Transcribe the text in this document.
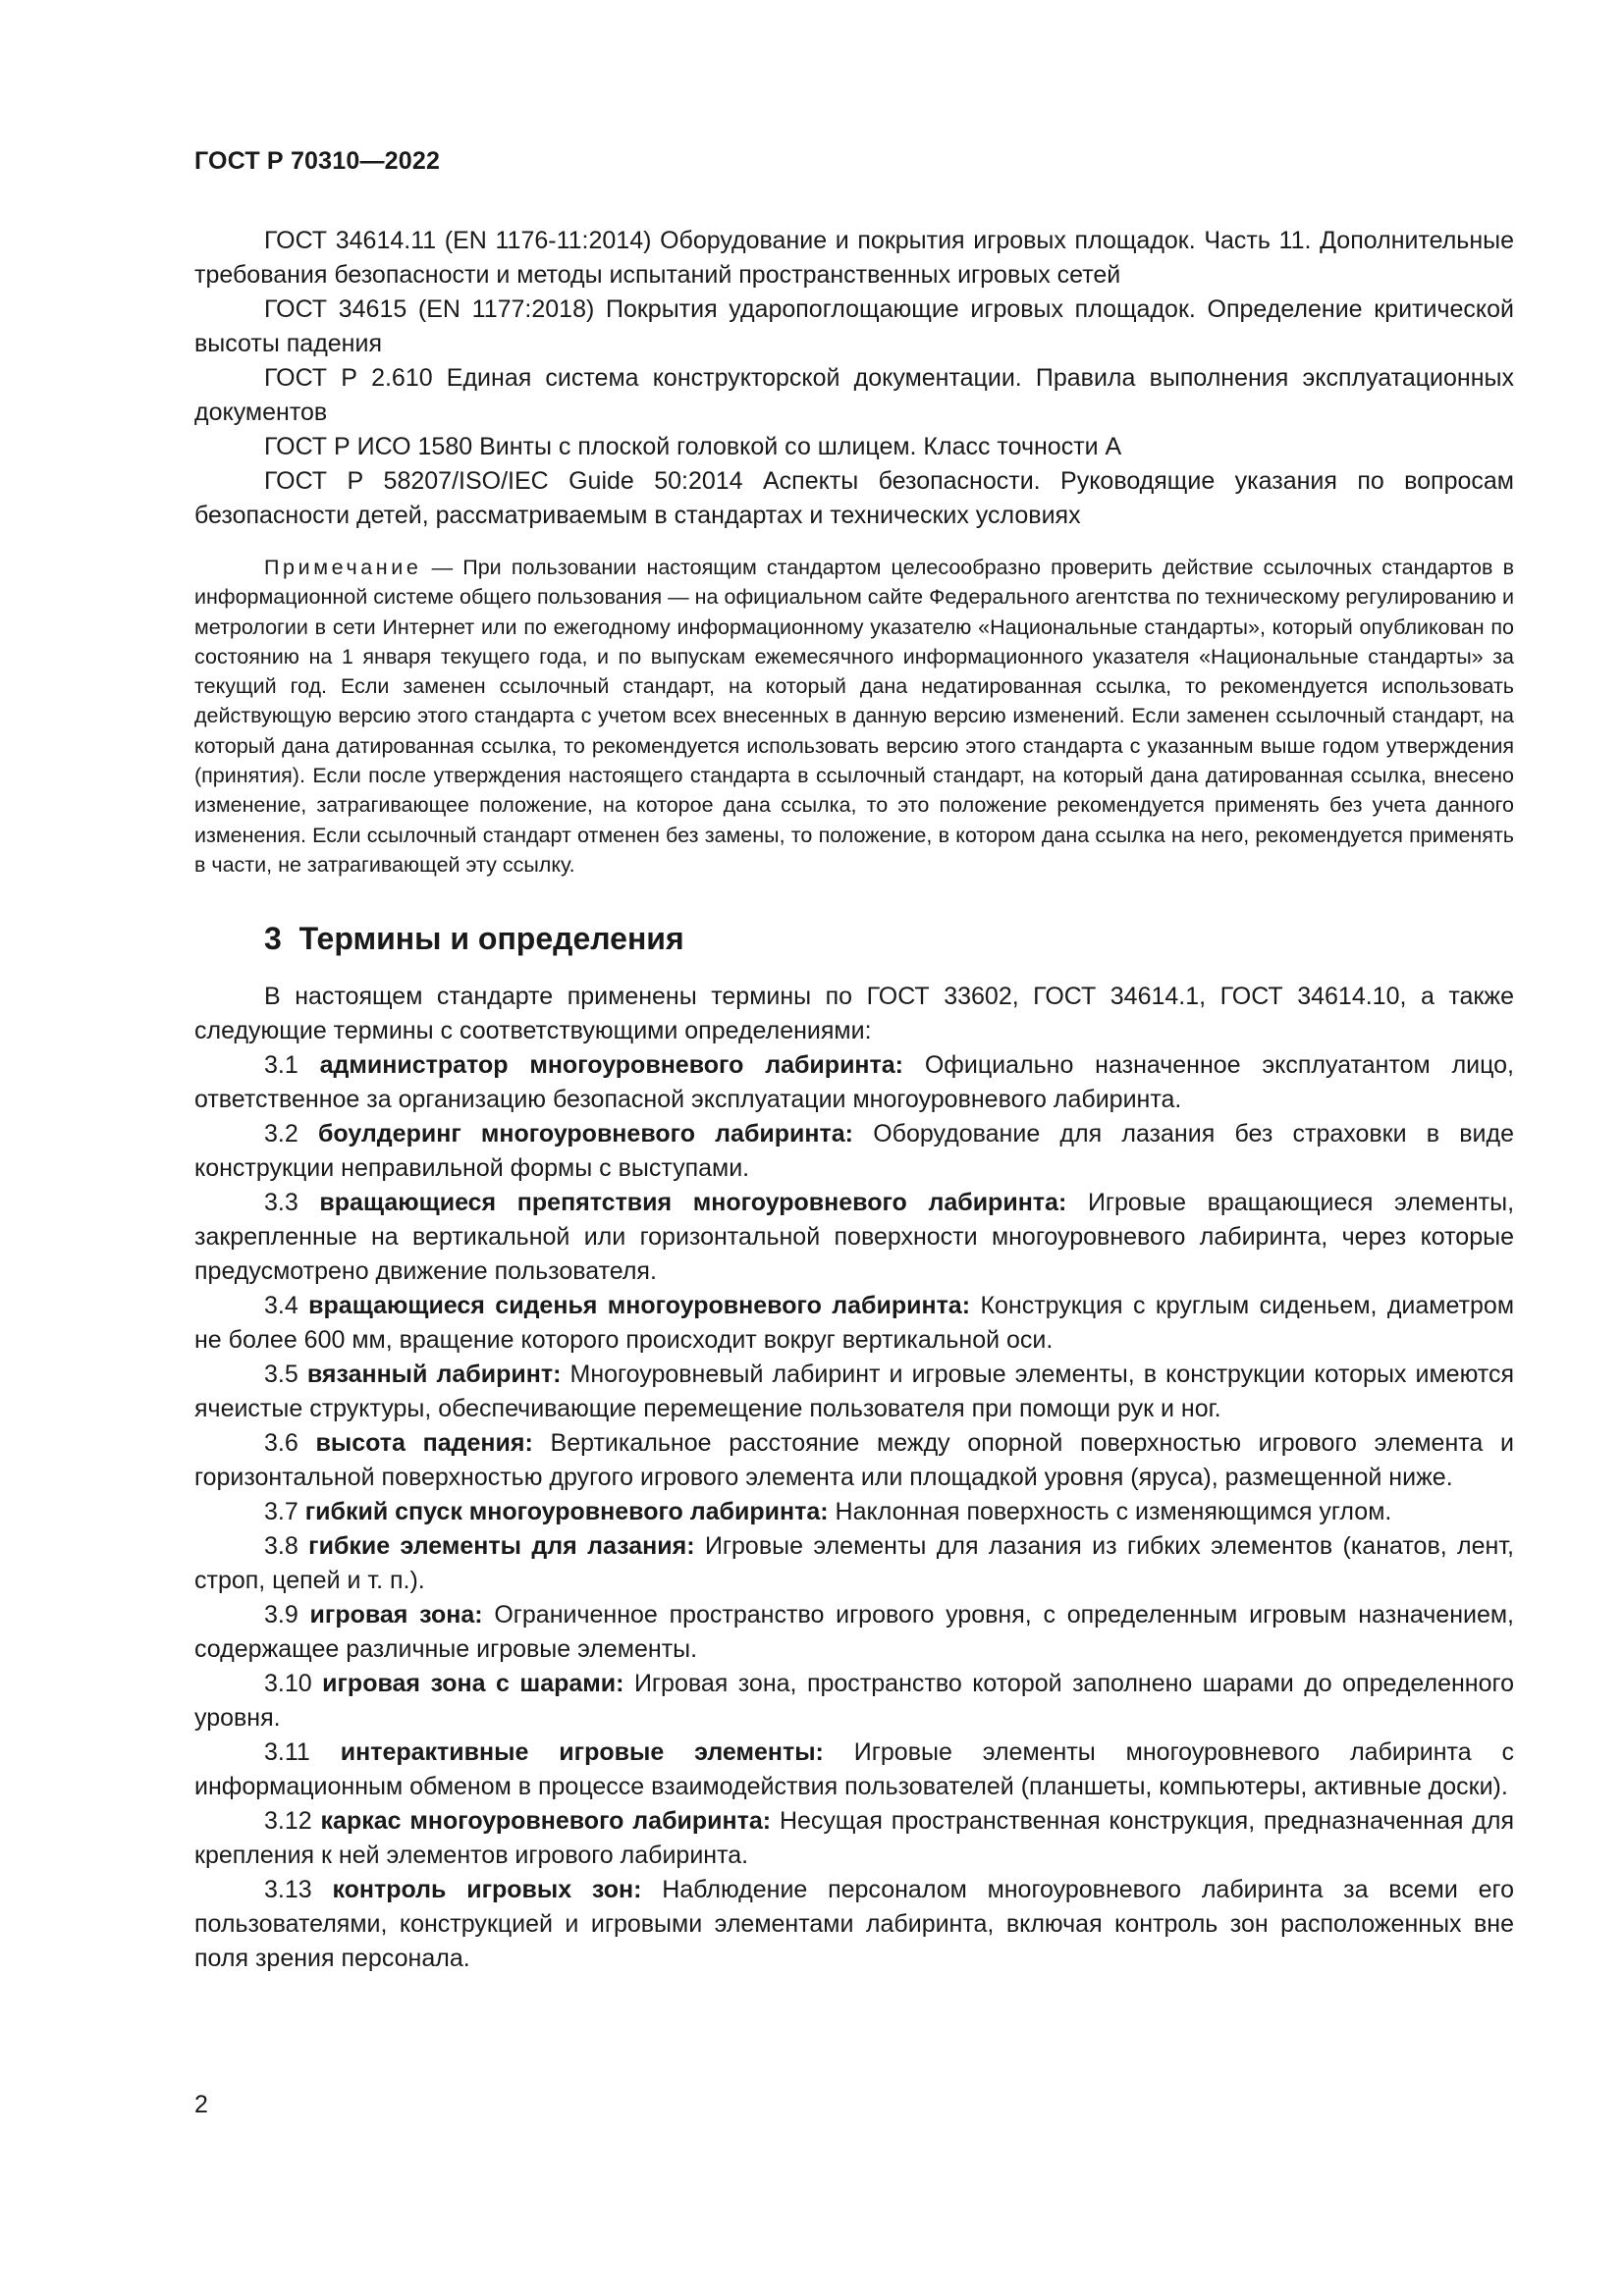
ГОСТ Р 70310—2022

ГОСТ 34614.11 (EN 1176-11:2014) Оборудование и покрытия игровых площадок. Часть 11. Дополнительные требования безопасности и методы испытаний пространственных игровых сетей

ГОСТ 34615 (EN 1177:2018) Покрытия ударопоглощающие игровых площадок. Определение критической высоты падения

ГОСТ Р 2.610 Единая система конструкторской документации. Правила выполнения эксплуатационных документов

ГОСТ Р ИСО 1580 Винты с плоской головкой со шлицем. Класс точности А

ГОСТ Р 58207/ISO/IEC Guide 50:2014 Аспекты безопасности. Руководящие указания по вопросам безопасности детей, рассматриваемым в стандартах и технических условиях

Примечание — При пользовании настоящим стандартом целесообразно проверить действие ссылочных стандартов в информационной системе общего пользования — на официальном сайте Федерального агентства по техническому регулированию и метрологии в сети Интернет или по ежегодному информационному указателю «Национальные стандарты», который опубликован по состоянию на 1 января текущего года, и по выпускам ежемесячного информационного указателя «Национальные стандарты» за текущий год. Если заменен ссылочный стандарт, на который дана недатированная ссылка, то рекомендуется использовать действующую версию этого стандарта с учетом всех внесенных в данную версию изменений. Если заменен ссылочный стандарт, на который дана датированная ссылка, то рекомендуется использовать версию этого стандарта с указанным выше годом утверждения (принятия). Если после утверждения настоящего стандарта в ссылочный стандарт, на который дана датированная ссылка, внесено изменение, затрагивающее положение, на которое дана ссылка, то это положение рекомендуется применять без учета данного изменения. Если ссылочный стандарт отменен без замены, то положение, в котором дана ссылка на него, рекомендуется применять в части, не затрагивающей эту ссылку.

3 Термины и определения

В настоящем стандарте применены термины по ГОСТ 33602, ГОСТ 34614.1, ГОСТ 34614.10, а также следующие термины с соответствующими определениями:

3.1 администратор многоуровневого лабиринта: Официально назначенное эксплуатантом лицо, ответственное за организацию безопасной эксплуатации многоуровневого лабиринта.

3.2 боулдеринг многоуровневого лабиринта: Оборудование для лазания без страховки в виде конструкции неправильной формы с выступами.

3.3 вращающиеся препятствия многоуровневого лабиринта: Игровые вращающиеся элементы, закрепленные на вертикальной или горизонтальной поверхности многоуровневого лабиринта, через которые предусмотрено движение пользователя.

3.4 вращающиеся сиденья многоуровневого лабиринта: Конструкция с круглым сиденьем, диаметром не более 600 мм, вращение которого происходит вокруг вертикальной оси.

3.5 вязанный лабиринт: Многоуровневый лабиринт и игровые элементы, в конструкции которых имеются ячеистые структуры, обеспечивающие перемещение пользователя при помощи рук и ног.

3.6 высота падения: Вертикальное расстояние между опорной поверхностью игрового элемента и горизонтальной поверхностью другого игрового элемента или площадкой уровня (яруса), размещенной ниже.

3.7 гибкий спуск многоуровневого лабиринта: Наклонная поверхность с изменяющимся углом.

3.8 гибкие элементы для лазания: Игровые элементы для лазания из гибких элементов (канатов, лент, строп, цепей и т. п.).

3.9 игровая зона: Ограниченное пространство игрового уровня, с определенным игровым назначением, содержащее различные игровые элементы.

3.10 игровая зона с шарами: Игровая зона, пространство которой заполнено шарами до определенного уровня.

3.11 интерактивные игровые элементы: Игровые элементы многоуровневого лабиринта с информационным обменом в процессе взаимодействия пользователей (планшеты, компьютеры, активные доски).

3.12 каркас многоуровневого лабиринта: Несущая пространственная конструкция, предназначенная для крепления к ней элементов игрового лабиринта.

3.13 контроль игровых зон: Наблюдение персоналом многоуровневого лабиринта за всеми его пользователями, конструкцией и игровыми элементами лабиринта, включая контроль зон расположенных вне поля зрения персонала.

2
